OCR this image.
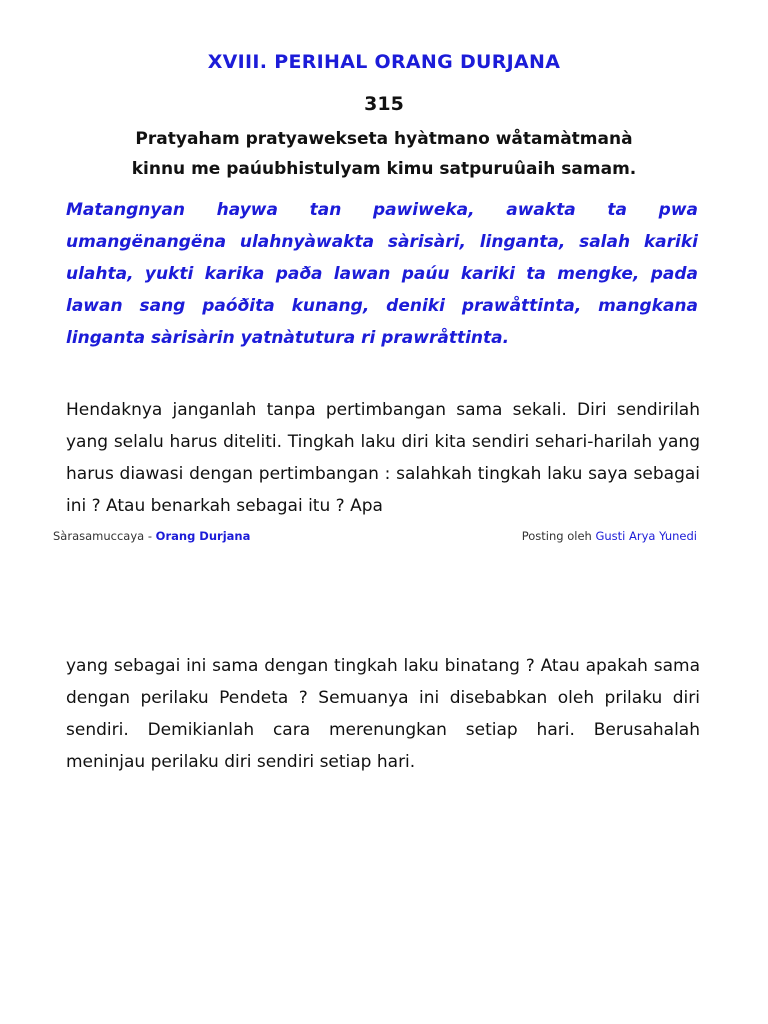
XVIII. PERIHAL ORANG DURJANA
315
Pratyaham pratyawekseta hyàtmano wåtamàtmanà
kinnu me paúubhistulyam kimu satpuruûaih samam.
Matangnyan haywa tan pawiweka, awakta ta pwa umangënangëna ulahnyàwakta sàrisàri, linganta, salah kariki ulahta, yukti karika paða lawan paúu kariki ta mengke, pada lawan sang paóðita kunang, deniki prawåttinta, mangkana linganta sàrisàrin yatnàtutura ri prawråttinta.
Hendaknya janganlah tanpa pertimbangan sama sekali. Diri sendirilah yang selalu harus diteliti. Tingkah laku diri kita sendiri sehari-harilah yang harus diawasi dengan pertimbangan : salahkah tingkah laku saya sebagai ini ? Atau benarkah sebagai itu ? Apa
Sàrasamuccaya - Orang Durjana	Posting oleh Gusti Arya Yunedi
yang sebagai ini sama dengan tingkah laku binatang ? Atau apakah sama dengan perilaku Pendeta ? Semuanya ini disebabkan oleh prilaku diri sendiri. Demikianlah cara merenungkan setiap hari. Berusahalah meninjau perilaku diri sendiri setiap hari.
